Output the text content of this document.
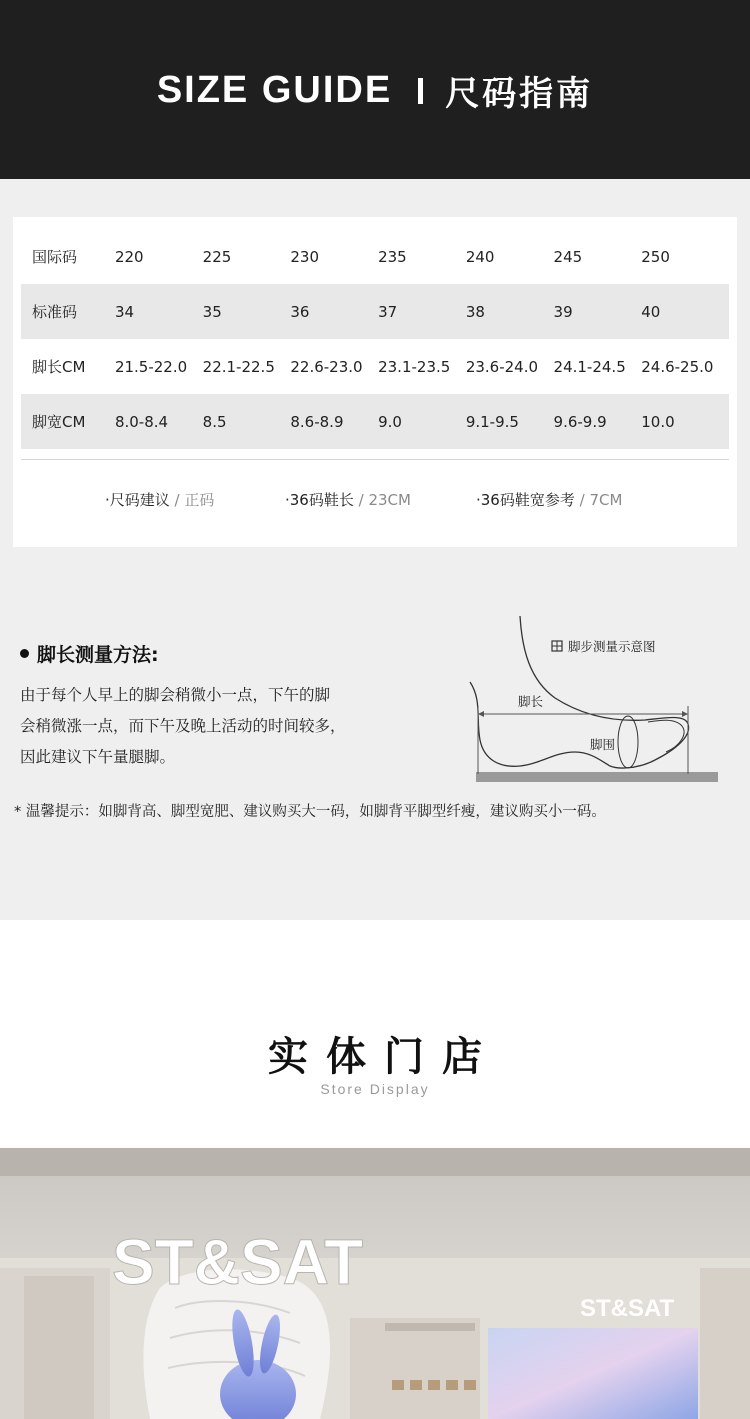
SIZE GUIDE 尺码指南
国际码	220	225	230	235	240	245	250
标准码	34	35	36	37	38	39	40
脚长CM	21.5-22.0	22.1-22.5	22.6-23.0	23.1-23.5	23.6-24.0	24.1-24.5	24.6-25.0
脚宽CM	8.0-8.4	8.5	8.6-8.9	9.0	9.1-9.5	9.6-9.9	10.0
·尺码建议 / 正码	·36码鞋长 / 23CM	·36码鞋宽参考 / 7CM
脚长测量方法:
由于每个人早上的脚会稍微小一点，下午的脚
会稍微涨一点，而下午及晚上活动的时间较多，
因此建议下午量腿脚。
脚步测量示意图
脚长
脚围
* 温馨提示：如脚背高、脚型宽肥、建议购买大一码，如脚背平脚型纤瘦，建议购买小一码。
实体门店
Store Display
ST&SAT
ST&SAT
